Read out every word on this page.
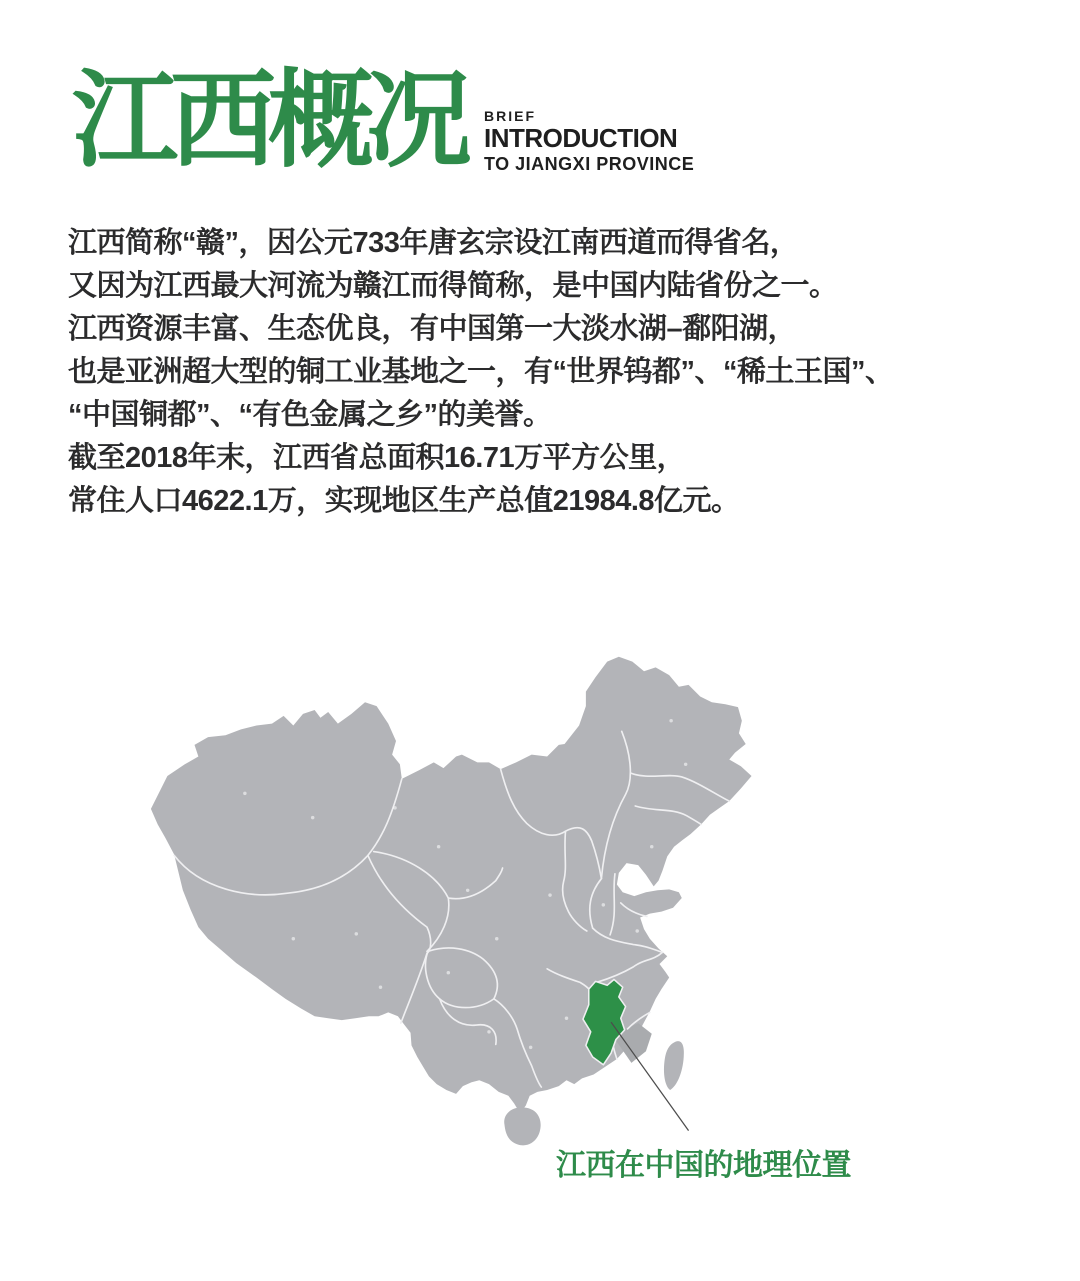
江西概况 BRIEF
INTRODUCTION
TO JIANGXI PROVINCE
江西简称“赣”，因公元733年唐玄宗设江南西道而得省名，
又因为江西最大河流为赣江而得简称，是中国内陆省份之一。
江西资源丰富、生态优良，有中国第一大淡水湖–鄱阳湖，
也是亚洲超大型的铜工业基地之一，有“世界钨都”、“稀土王国”、
“中国铜都”、“有色金属之乡”的美誉。
截至2018年末，江西省总面积16.71万平方公里，
常住人口4622.1万，实现地区生产总值21984.8亿元。
江西在中国的地理位置
